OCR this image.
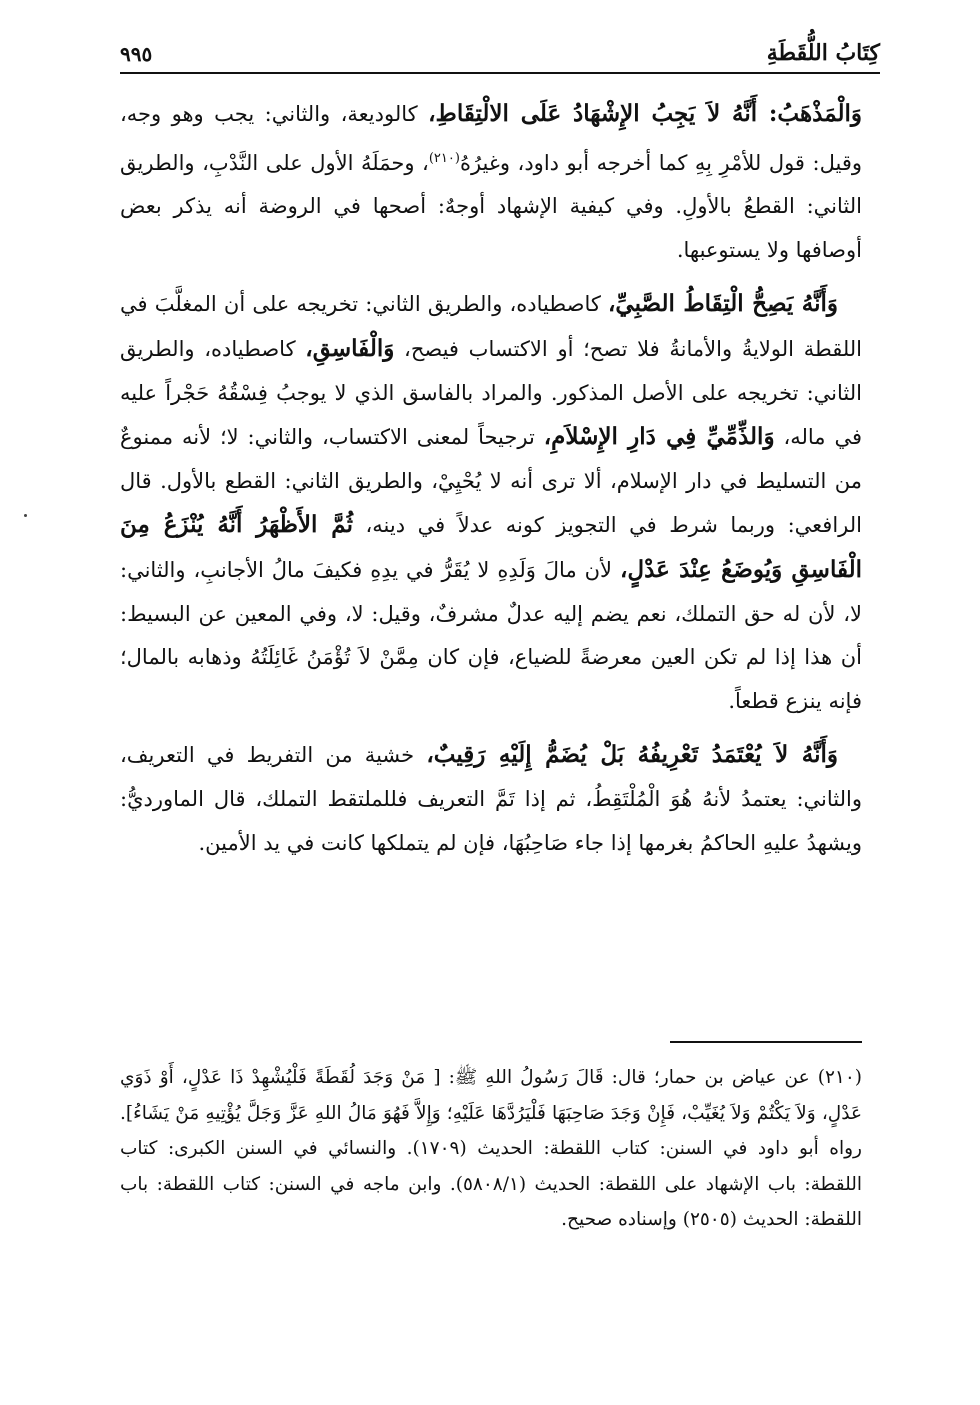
كِتَابُ اللُّقَطَةِ
٩٩٥

وَالْمَذْهَبُ: أَنَّهُ لاَ يَجِبُ الإِشْهَادُ عَلَى الالْتِقَاطِ، كالوديعة، والثاني: يجب وهو وجه، وقيل: قول للأمْرِ بِهِ كما أخرجه أبو داود، وغيرُهُ$^{(٢١٠)}$، وحمَلَهُ الأول على النَّدْبِ، والطريق الثاني: القطعُ بالأولِ. وفي كيفية الإشهاد أوجهٌ: أصحها في الروضة أنه يذكر بعض أوصافها ولا يستوعبها.

وَأَنَّهُ يَصِحُّ الْتِقَاطُ الصَّبِيِّ، كاصطياده، والطريق الثاني: تخريجه على أن المغلَّبَ في اللقطة الولايةُ والأمانةُ فلا تصح؛ أو الاكتساب فيصح، وَالْفَاسِقِ، كاصطياده، والطريق الثاني: تخريجه على الأصل المذكور. والمراد بالفاسق الذي لا يوجبُ فِسْقُهُ حَجْراً عليه في ماله، وَالذِّمِّيِّ فِي دَارِ الإِسْلاَمِ، ترجيحاً لمعنى الاكتساب، والثاني: لا؛ لأنه ممنوعٌ من التسليط في دار الإسلام، ألا ترى أنه لا يُحْيِيْ، والطريق الثاني: القطع بالأول. قال الرافعي: وربما شرط في التجويز كونه عدلاً في دينه، ثُمَّ الأَظْهَرُ أَنَّهُ يُنْزَعُ مِنَ الْفَاسِقِ وَيُوضَعُ عِنْدَ عَدْلٍ، لأن مالَ وَلَدِهِ لا يُقَرُّ في يدِهِ فكيفَ مالُ الأجانبِ، والثاني: لا، لأن له حق التملك، نعم يضم إليه عدلٌ مشرفٌ، وقيل: لا، وفي المعين عن البسيط: أن هذا إذا لم تكن العين معرضةً للضياع، فإن كان مِمَّنْ لاَ تُؤْمَنُ غَائِلَتُهُ وذهابه بالمال؛ فإنه ينزع قطعاً.

وَأَنَّهُ لاَ يُعْتَمَدُ تَعْرِيفُهُ بَلْ يُضَمُّ إِلَيْهِ رَقِيبٌ، خشية من التفريط في التعريف، والثاني: يعتمدُ لأنهُ هُوَ الْمُلْتَقِطُ، ثم إذا تَمَّ التعريف فللملتقط التملك، قال الماورديُّ: ويشهدُ عليهِ الحاكمُ بغرمها إذا جاء صَاحِبُهَا، فإن لم يتملكها كانت في يد الأمين.

(٢١٠) عن عياض بن حمار؛ قال: قَالَ رَسُولُ اللهِ ﷺ: [ مَنْ وَجَدَ لُقَطَةً فَلْيُشْهِدْ ذَا عَدْلٍ، أَوْ ذَوَي عَدْلٍ، وَلاَ يَكْتُمْ وَلاَ يُغَيِّبْ، فَإِنْ وَجَدَ صَاحِبَهَا فَلْيَرُدَّهَا عَلَيْهِ؛ وَإِلاَّ فَهُوَ مَالُ اللهِ عَزَّ وَجَلَّ يُؤْتِيهِ مَنْ يَشَاءُ]. رواه أبو داود في السنن: كتاب اللقطة: الحديث (١٧٠٩). والنسائي في السنن الكبرى: كتاب اللقطة: باب الإشهاد على اللقطة: الحديث (٥٨٠٨/١). وابن ماجه في السنن: كتاب اللقطة: باب اللقطة: الحديث (٢٥٠٥) وإسناده صحيح.
